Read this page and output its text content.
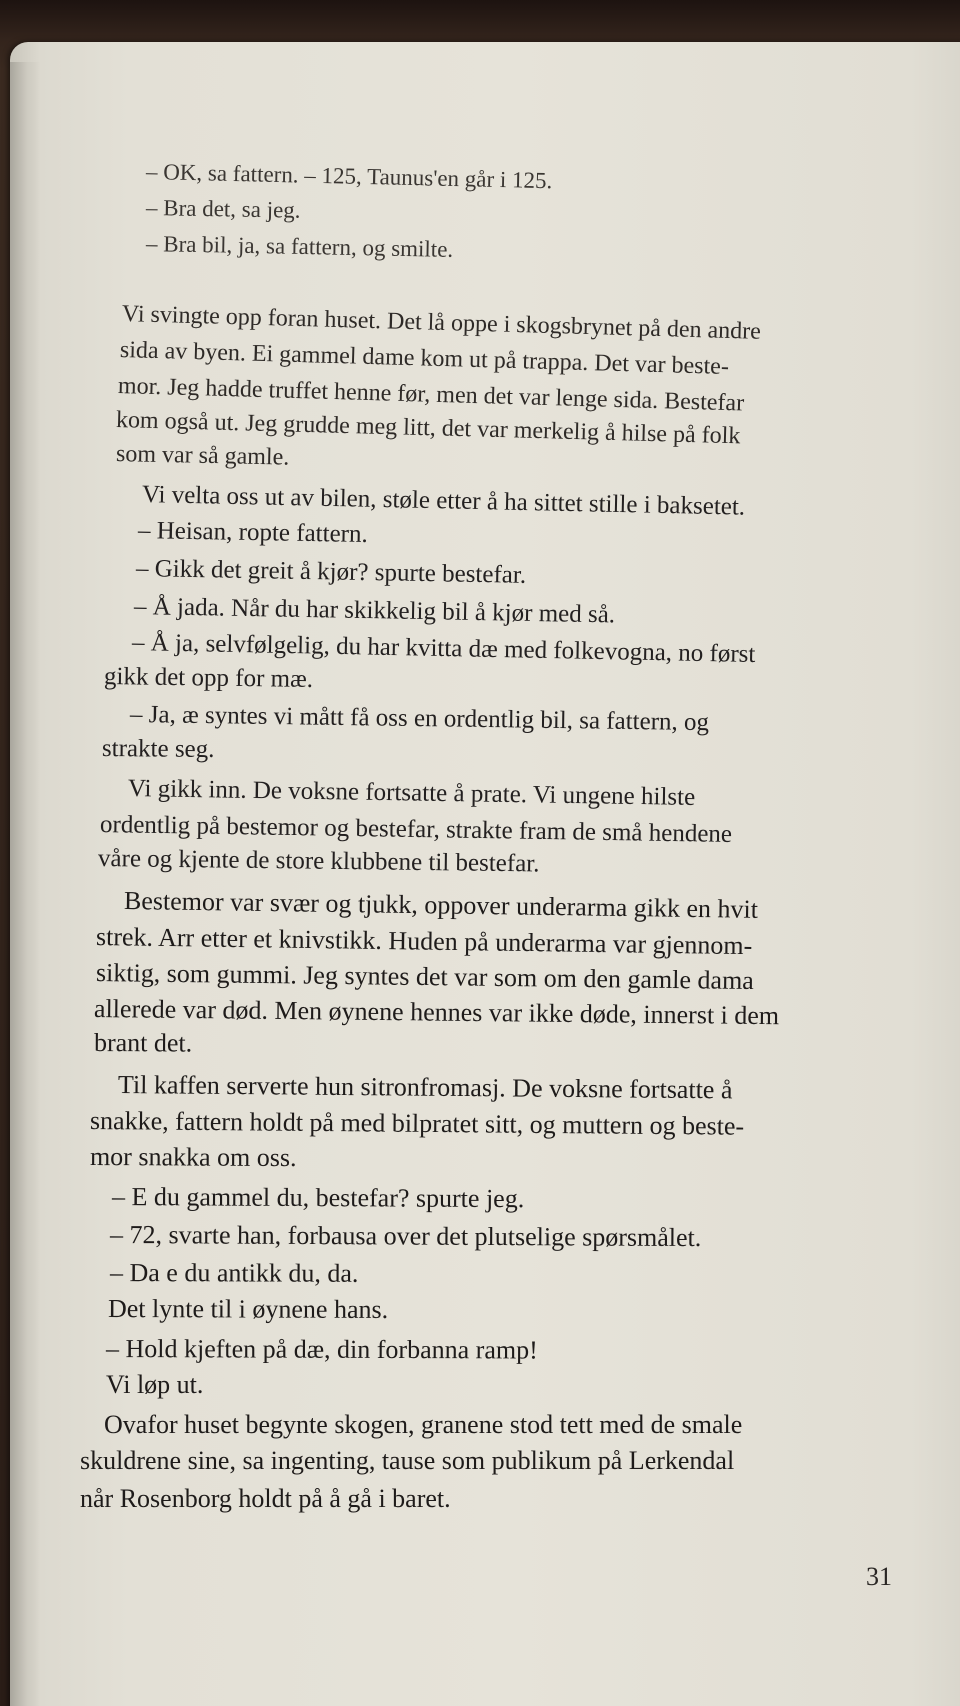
– OK, sa fattern. – 125, Taunus'en går i 125.
– Bra det, sa jeg.
– Bra bil, ja, sa fattern, og smilte.
Vi svingte opp foran huset. Det lå oppe i skogsbrynet på den andre
sida av byen. Ei gammel dame kom ut på trappa. Det var beste-
mor. Jeg hadde truffet henne før, men det var lenge sida. Bestefar
kom også ut. Jeg grudde meg litt, det var merkelig å hilse på folk
som var så gamle.
Vi velta oss ut av bilen, støle etter å ha sittet stille i baksetet.
– Heisan, ropte fattern.
– Gikk det greit å kjør? spurte bestefar.
– Å jada. Når du har skikkelig bil å kjør med så.
– Å ja, selvfølgelig, du har kvitta dæ med folkevogna, no først
gikk det opp for mæ.
– Ja, æ syntes vi mått få oss en ordentlig bil, sa fattern, og
strakte seg.
Vi gikk inn. De voksne fortsatte å prate. Vi ungene hilste
ordentlig på bestemor og bestefar, strakte fram de små hendene
våre og kjente de store klubbene til bestefar.
Bestemor var svær og tjukk, oppover underarma gikk en hvit
strek. Arr etter et knivstikk. Huden på underarma var gjennom-
siktig, som gummi. Jeg syntes det var som om den gamle dama
allerede var død. Men øynene hennes var ikke døde, innerst i dem
brant det.
Til kaffen serverte hun sitronfromasj. De voksne fortsatte å
snakke, fattern holdt på med bilpratet sitt, og muttern og beste-
mor snakka om oss.
– E du gammel du, bestefar? spurte jeg.
– 72, svarte han, forbausa over det plutselige spørsmålet.
– Da e du antikk du, da.
Det lynte til i øynene hans.
– Hold kjeften på dæ, din forbanna ramp!
Vi løp ut.
Ovafor huset begynte skogen, granene stod tett med de smale
skuldrene sine, sa ingenting, tause som publikum på Lerkendal
når Rosenborg holdt på å gå i baret.
31
